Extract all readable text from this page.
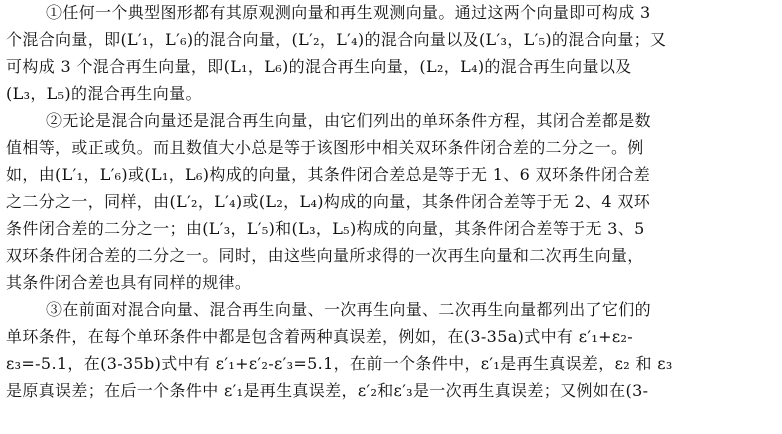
①任何一个典型图形都有其原观测向量和再生观测向量。通过这两个向量即可构成 3
个混合向量，即(L′₁，L′₆)的混合向量，(L′₂，L′₄)的混合向量以及(L′₃，L′₅)的混合向量；又
可构成 3 个混合再生向量，即(L₁，L₆)的混合再生向量，(L₂，L₄)的混合再生向量以及
(L₃，L₅)的混合再生向量。
②无论是混合向量还是混合再生向量，由它们列出的单环条件方程，其闭合差都是数
值相等，或正或负。而且数值大小总是等于该图形中相关双环条件闭合差的二分之一。例
如，由(L′₁，L′₆)或(L₁，L₆)构成的向量，其条件闭合差总是等于无 1、6 双环条件闭合差
之二分之一，同样，由(L′₂，L′₄)或(L₂，L₄)构成的向量，其条件闭合差等于无 2、4 双环
条件闭合差的二分之一；由(L′₃，L′₅)和(L₃，L₅)构成的向量，其条件闭合差等于无 3、5
双环条件闭合差的二分之一。同时，由这些向量所求得的一次再生向量和二次再生向量，
其条件闭合差也具有同样的规律。
③在前面对混合向量、混合再生向量、一次再生向量、二次再生向量都列出了它们的
单环条件，在每个单环条件中都是包含着两种真误差，例如，在(3-35a)式中有 ε′₁+ε₂-
ε₃=-5.1，在(3-35b)式中有 ε′₁+ε′₂-ε′₃=5.1，在前一个条件中，ε′₁是再生真误差，ε₂ 和 ε₃
是原真误差；在后一个条件中 ε′₁是再生真误差，ε′₂和ε′₃是一次再生真误差；又例如在(3-
